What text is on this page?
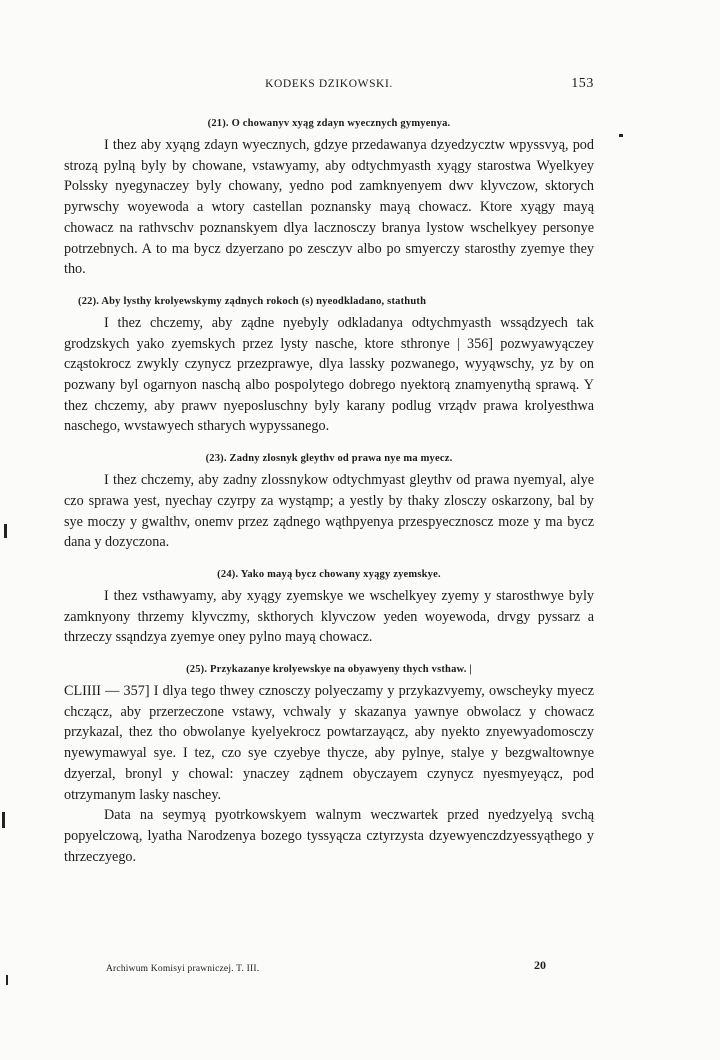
KODEKS DZIKOWSKI.	153
(21). O chowanyv xyąg zdayn wyecznych gymyenya.

I thez aby xyąng zdayn wyecznych, gdzye przedawanya dzyedzycztw wpyssvyą, pod strozą pylną byly by chowane, vstawyamy, aby odtychmyasth xyągy starostwa Wyelkyey Polssky nyegynaczey byly chowany, yedno pod zamknyenyem dwv klyvczow, sktorych pyrwschy woyewoda a wtory castellan poznansky mayą chowacz. Ktore xyągy mayą chowacz na rathvschv poznanskyem dlya lacznosczy branya lystow wschelkyey personye potrzebnych. A to ma bycz dzyerzano po zesczyv albo po smyerczy starosthy zyemye they tho.

(22). Aby lysthy krolyewskymy ządnych rokoch (s) nyeodkladano, stathuth

I thez chczemy, aby ządne nyebyly odkladanya odtychmyasth wssądzyech tak grodzskych yako zyemskych przez lysty nasche, ktore sthronye | 356] pozwyawyączey cząstokrocz zwykly czynycz przezprawye, dlya lassky pozwanego, wyyąwschy, yz by on pozwany byl ogarnyon naschą albo pospolytego dobrego nyektorą znamyenythą sprawą. Y thez chczemy, aby prawv nyeposluschny byly karany podlug vrządv prawa krolyesthwa naschego, wvstawyech stharych wypyssanego.

(23). Zadny zlosnyk gleythv od prawa nye ma myecz.

I thez chczemy, aby zadny zlossnykow odtychmyast gleythv od prawa nyemyal, alye czo sprawa yest, nyechay czyrpy za wystąmp; a yestly by thaky zlosczy oskarzony, bal by sye moczy y gwalthv, onemv przez ządnego wąthpyenya przespyecznoscz moze y ma bycz dana y dozyczona.

(24). Yako mayą bycz chowany xyągy zyemskye.

I thez vsthawyamy, aby xyągy zyemskye we wschelkyey zyemy y starosthwye byly zamknyony thrzemy klyvczmy, skthorych klyvczow yeden woyewoda, drvgy pyssarz a thrzeczy ssąndzya zyemye oney pylno mayą chowacz.

(25). Przykazanye krolyewskye na obyawyeny thych vsthaw. |

CLIIII — 357] I dlya tego thwey cznosczy polyeczamy y przykazvyemy, owscheyky myecz chcząсz, aby przerzeczone vstawy, vchwaly y skazanya yawnye obwolacz y chowacz przykazal, thez tho obwolanye kyelyekrocz powtarzayącz, aby nyekto znyewyadomosczy nyewymawyal sye. I tez, czo sye czyebye thycze, aby pylnye, stalye y bezgwaltownye dzyerzal, bronyl y chowal: ynaczey ządnem obyczayem czynycz nyesmyeyącz, pod otrzymanym lasky naschey.

Data na seymyą pyotrkowskyem walnym weczwartek przed nyedzyelyą svchą popyelczową, lyatha Narodzenya bozego tyssyącza cztyrzysta dzyewyenczdzyessyąthego y thrzeczyego.

Archiwum Komisyi prawniczej. T. III.	20
